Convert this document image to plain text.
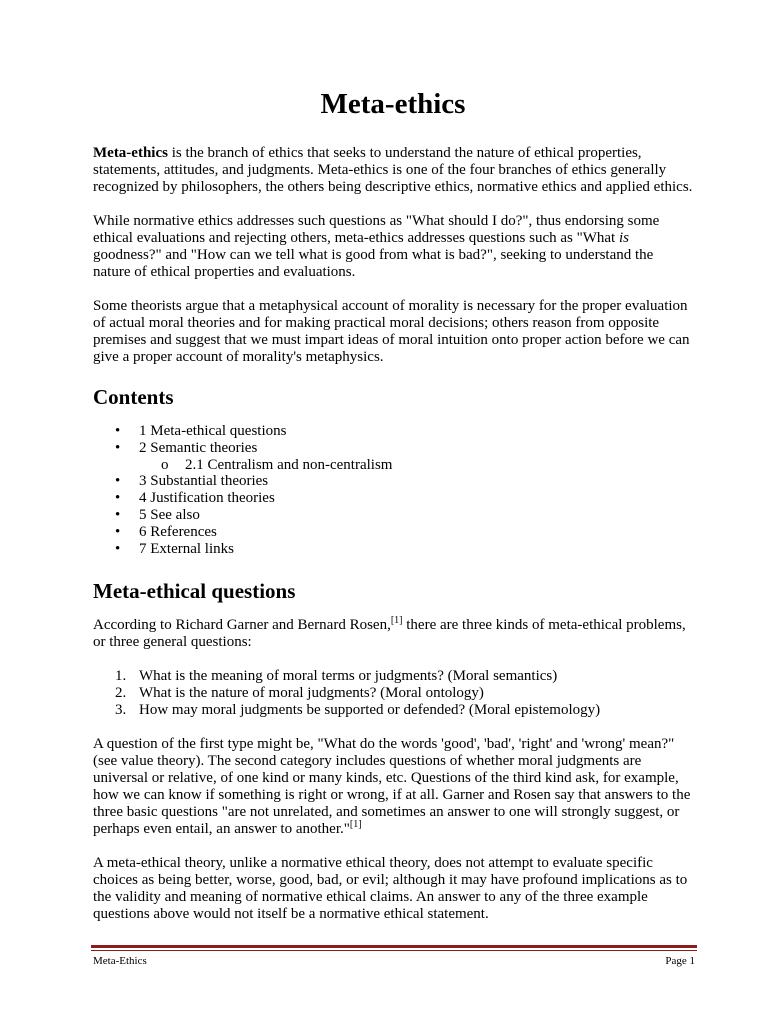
Meta-ethics

Meta-ethics is the branch of ethics that seeks to understand the nature of ethical properties, statements, attitudes, and judgments. Meta-ethics is one of the four branches of ethics generally recognized by philosophers, the others being descriptive ethics, normative ethics and applied ethics.

While normative ethics addresses such questions as "What should I do?", thus endorsing some ethical evaluations and rejecting others, meta-ethics addresses questions such as "What is goodness?" and "How can we tell what is good from what is bad?", seeking to understand the nature of ethical properties and evaluations.

Some theorists argue that a metaphysical account of morality is necessary for the proper evaluation of actual moral theories and for making practical moral decisions; others reason from opposite premises and suggest that we must impart ideas of moral intuition onto proper action before we can give a proper account of morality's metaphysics.

Contents
• 1 Meta-ethical questions
• 2 Semantic theories
o 2.1 Centralism and non-centralism
• 3 Substantial theories
• 4 Justification theories
• 5 See also
• 6 References
• 7 External links
Meta-ethical questions

According to Richard Garner and Bernard Rosen,[1] there are three kinds of meta-ethical problems, or three general questions:

1. What is the meaning of moral terms or judgments? (Moral semantics)
2. What is the nature of moral judgments? (Moral ontology)
3. How may moral judgments be supported or defended? (Moral epistemology)

A question of the first type might be, "What do the words 'good', 'bad', 'right' and 'wrong' mean?" (see value theory). The second category includes questions of whether moral judgments are universal or relative, of one kind or many kinds, etc. Questions of the third kind ask, for example, how we can know if something is right or wrong, if at all. Garner and Rosen say that answers to the three basic questions "are not unrelated, and sometimes an answer to one will strongly suggest, or perhaps even entail, an answer to another."[1]

A meta-ethical theory, unlike a normative ethical theory, does not attempt to evaluate specific choices as being better, worse, good, bad, or evil; although it may have profound implications as to the validity and meaning of normative ethical claims. An answer to any of the three example questions above would not itself be a normative ethical statement.

Meta-Ethics	Page 1
